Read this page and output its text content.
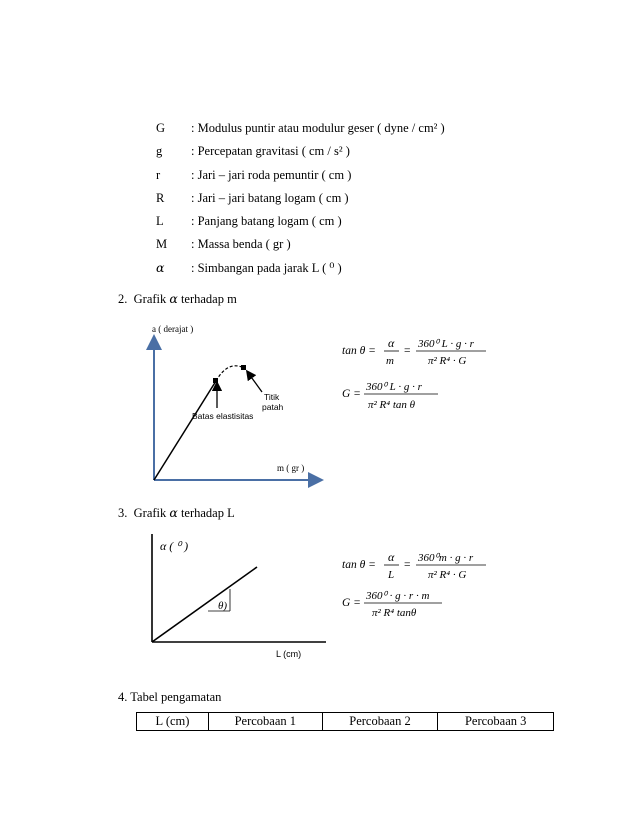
G : Modulus puntir atau modulur geser ( dyne / cm² )
g : Percepatan gravitasi ( cm / s² )
r : Jari – jari roda pemuntir ( cm )
R : Jari – jari batang logam ( cm )
L : Panjang batang logam ( cm )
M : Massa benda ( gr )
α : Simbangan pada jarak L ( ⁰ )
2. Grafik α terhadap m
a ( derajat )
m ( gr )
Titik
patah
Batas elastisitas
tan θ =
α
m
=
360⁰ L · g · r
π² R⁴ · G
G =
360⁰ L · g · r
π² R⁴ tan θ
3. Grafik α terhadap L
α ( ⁰ )
L (cm)
θ)
tan θ =
α
L
=
360⁰m · g · r
π² R⁴ · G
G =
360⁰ · g · r · m
π² R⁴ tanθ
4. Tabel pengamatan
L (cm)	Percobaan 1	Percobaan 2	Percobaan 3
